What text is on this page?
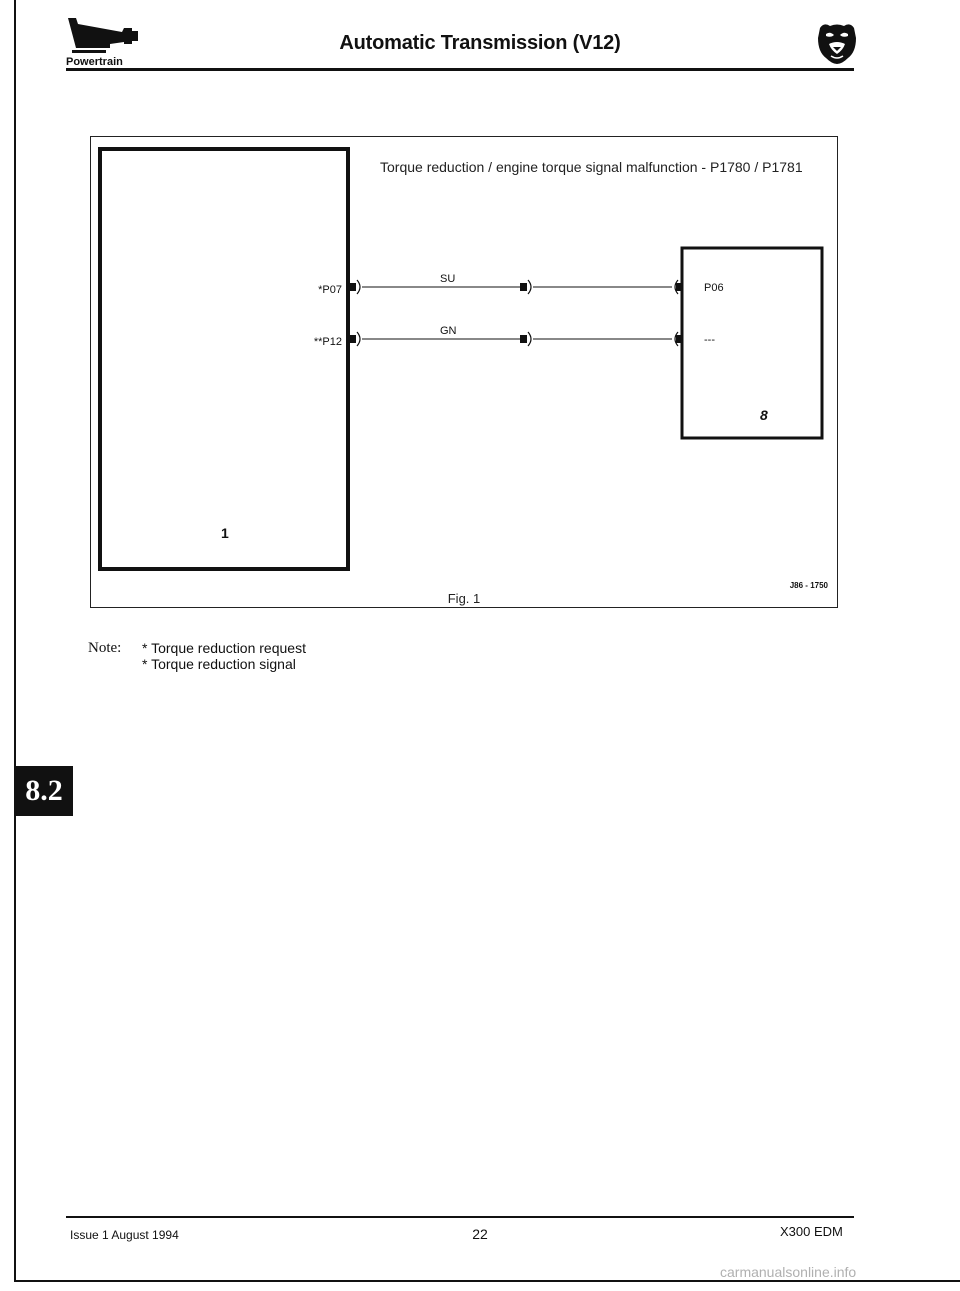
Powertrain
Automatic Transmission (V12)
Torque reduction / engine torque signal malfunction - P1780 / P1781
1
*P07
**P12
8
P06
---
SU
GN
J86 - 1750
Fig. 1
Note: * Torque reduction request
* Torque reduction signal
8.2
Issue 1 August 1994	22	X300 EDM
carmanualsonline.info
